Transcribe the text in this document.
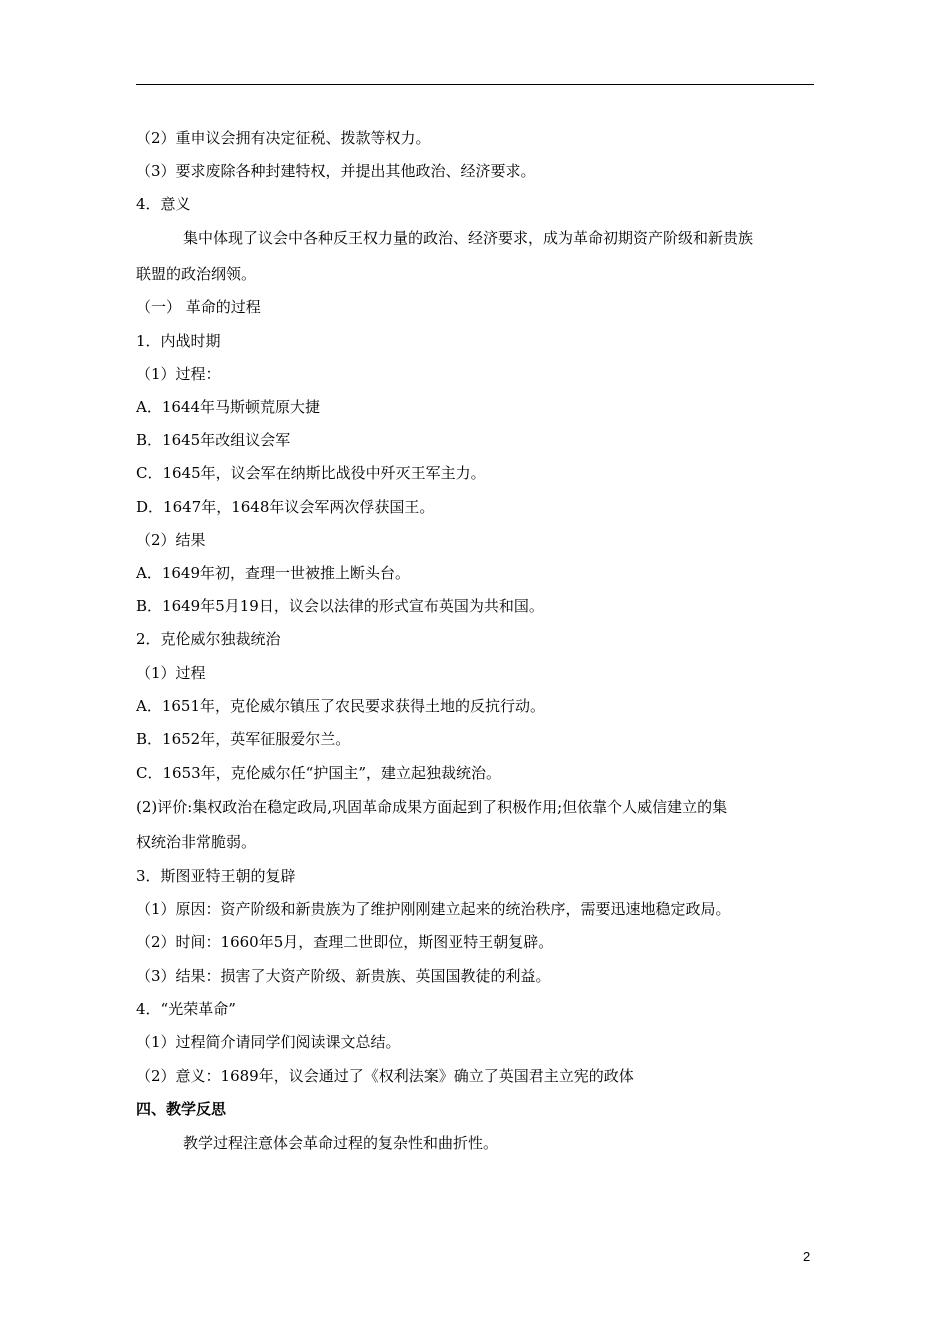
（2）重申议会拥有决定征税、拨款等权力。
（3）要求废除各种封建特权，并提出其他政治、经济要求。
4．意义
集中体现了议会中各种反王权力量的政治、经济要求，成为革命初期资产阶级和新贵族
联盟的政治纲领。
（一） 革命的过程
1．内战时期
（1）过程：
A．1644年马斯顿荒原大捷
B．1645年改组议会军
C．1645年，议会军在纳斯比战役中歼灭王军主力。
D．1647年，1648年议会军两次俘获国王。
（2）结果
A．1649年初，查理一世被推上断头台。
B．1649年5月19日，议会以法律的形式宣布英国为共和国。
2．克伦威尔独裁统治
（1）过程
A．1651年，克伦威尔镇压了农民要求获得土地的反抗行动。
B．1652年，英军征服爱尔兰。
C．1653年，克伦威尔任“护国主”，建立起独裁统治。
(2)评价:集权政治在稳定政局,巩固革命成果方面起到了积极作用;但依靠个人威信建立的集
权统治非常脆弱。
3．斯图亚特王朝的复辟
（1）原因：资产阶级和新贵族为了维护刚刚建立起来的统治秩序，需要迅速地稳定政局。
（2）时间：1660年5月，查理二世即位，斯图亚特王朝复辟。
（3）结果：损害了大资产阶级、新贵族、英国国教徒的利益。
4．“光荣革命”
（1）过程简介请同学们阅读课文总结。
（2）意义：1689年，议会通过了《权利法案》确立了英国君主立宪的政体
四、教学反思
教学过程注意体会革命过程的复杂性和曲折性。
2
